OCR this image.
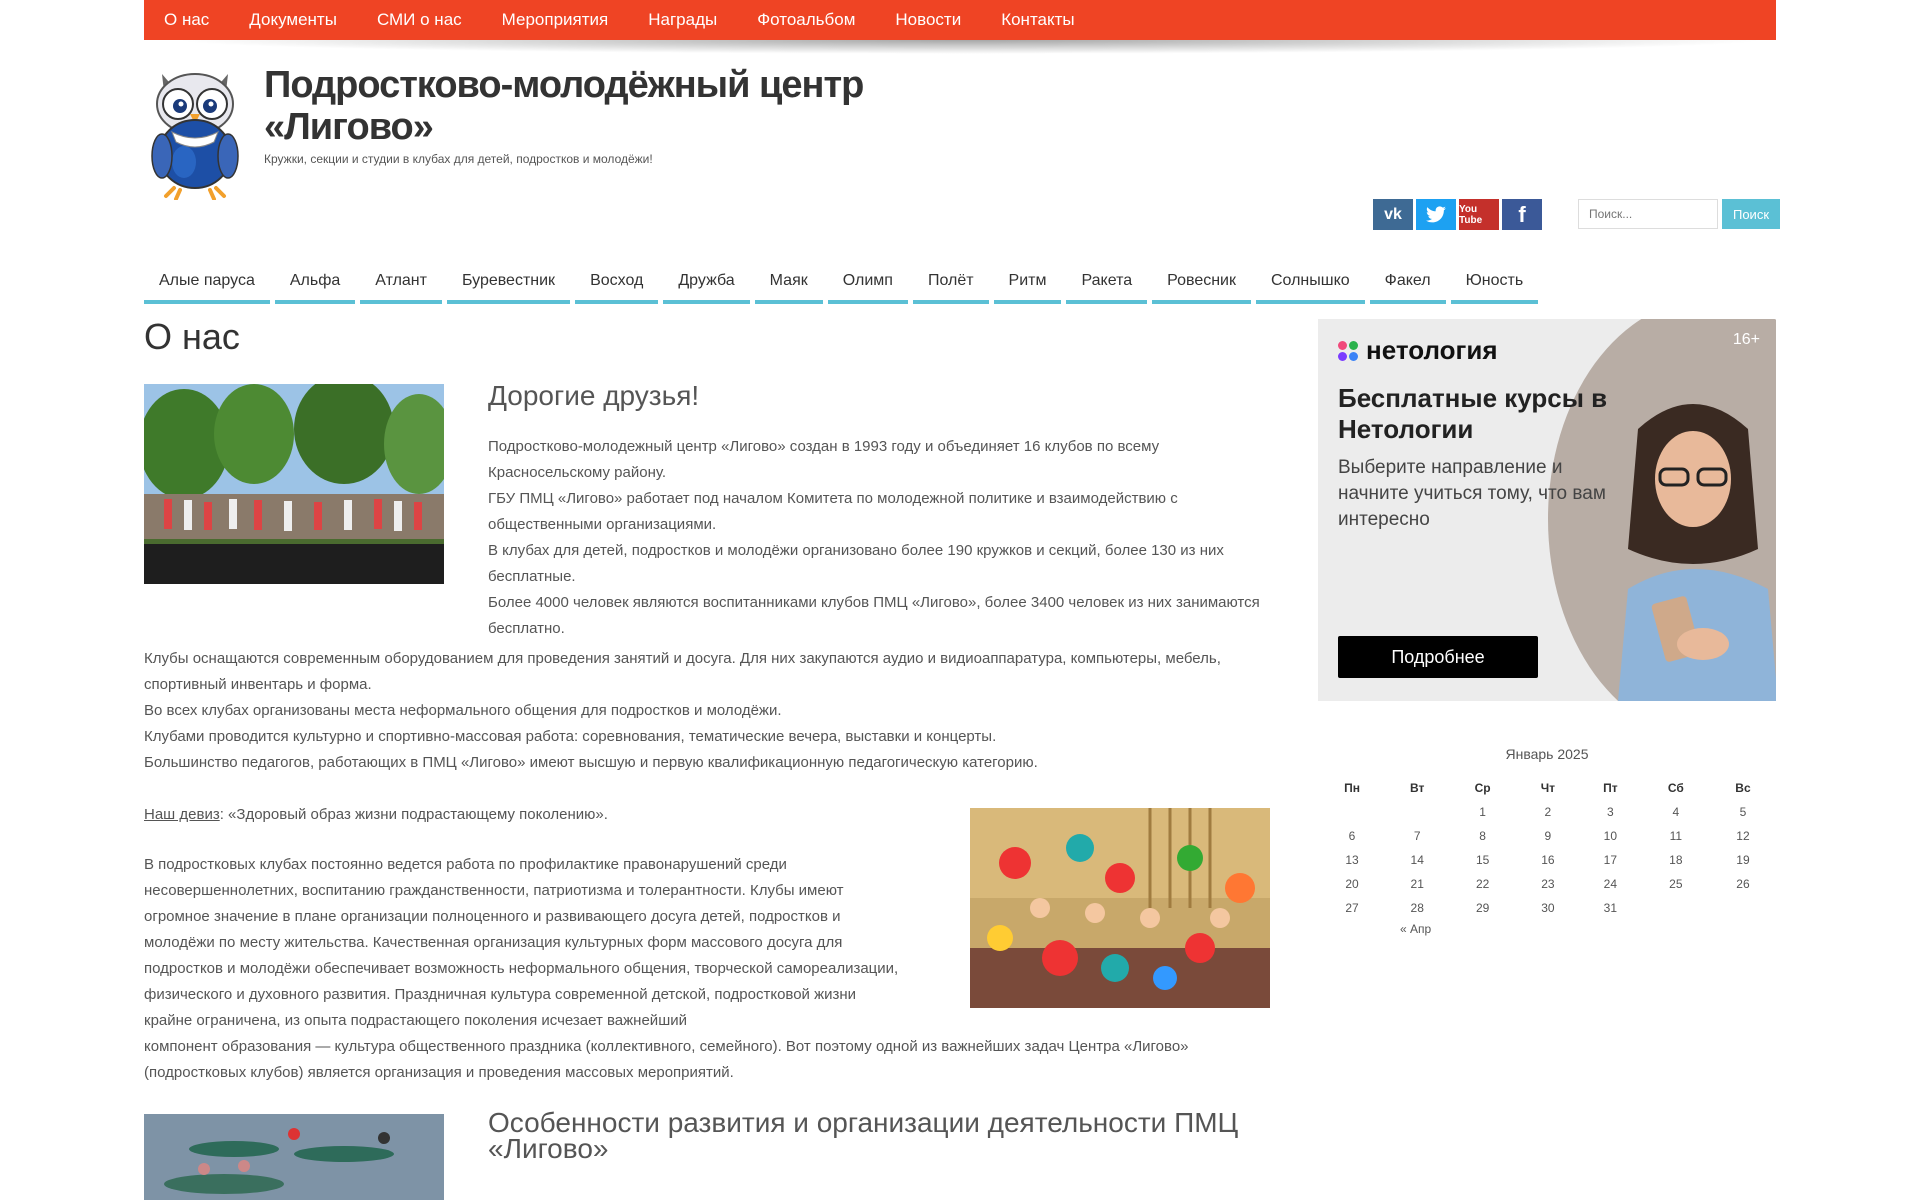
О нас Документы СМИ о нас Мероприятия Награды Фотоальбом Новости Контакты
Подростково-молодёжный центр «Лигово»
Кружки, секции и студии в клубах для детей, подростков и молодёжи!
vk	You Tube	f
Поиск...	Поиск
Алые паруса	Альфа	Атлант	Буревестник	Восход	Дружба	Маяк	Олимп	Полёт	Ритм	Ракета	Ровесник	Солнышко	Факел	Юность
О нас
Дорогие друзья!

Подростково-молодежный центр «Лигово» создан в 1993 году и объединяет 16 клубов по всему Красносельскому району.
ГБУ ПМЦ «Лигово» работает под началом Комитета по молодежной политике и взаимодействию с общественными организациями.
В клубах для детей, подростков и молодёжи организовано более 190 кружков и секций, более 130 из них бесплатные.
Более 4000 человек являются воспитанниками клубов ПМЦ «Лигово», более 3400 человек из них занимаются бесплатно.

Клубы оснащаются современным оборудованием для проведения занятий и досуга. Для них закупаются аудио и видиоаппаратура, компьютеры, мебель, спортивный инвентарь и форма.
Во всех клубах организованы места неформального общения для подростков и молодёжи.
Клубами проводится культурно и спортивно-массовая работа: соревнования, тематические вечера, выставки и концерты.
Большинство педагогов, работающих в ПМЦ «Лигово» имеют высшую и первую квалификационную педагогическую категорию.

Наш девиз: «Здоровый образ жизни подрастающему поколению».

В подростковых клубах постоянно ведется работа по профилактике правонарушений среди несовершеннолетних, воспитанию гражданственности, патриотизма и толерантности. Клубы имеют огромное значение в плане организации полноценного и развивающего досуга детей, подростков и молодёжи по месту жительства. Качественная организация культурных форм массового досуга для подростков и молодёжи обеспечивает возможность неформального общения, творческой самореализации, физического и духовного развития. Праздничная культура современной детской, подростковой жизни крайне ограничена, из опыта подрастающего поколения исчезает важнейший
компонент образования — культура общественного праздника (коллективного, семейного). Вот поэтому одной из важнейших задач Центра «Лигово» (подростковых клубов) является организация и проведения массовых мероприятий.

Особенности развития и организации деятельности ПМЦ «Лигово»
16+
нетология
Бесплатные курсы в Нетологии
Выберите направление и начните учиться тому, что вам интересно
Подробнее
Январь 2025
Пн	Вт	Ср	Чт	Пт	Сб	Вс
		1	2	3	4	5
6	7	8	9	10	11	12
13	14	15	16	17	18	19
20	21	22	23	24	25	26
27	28	29	30	31		
« Апр
